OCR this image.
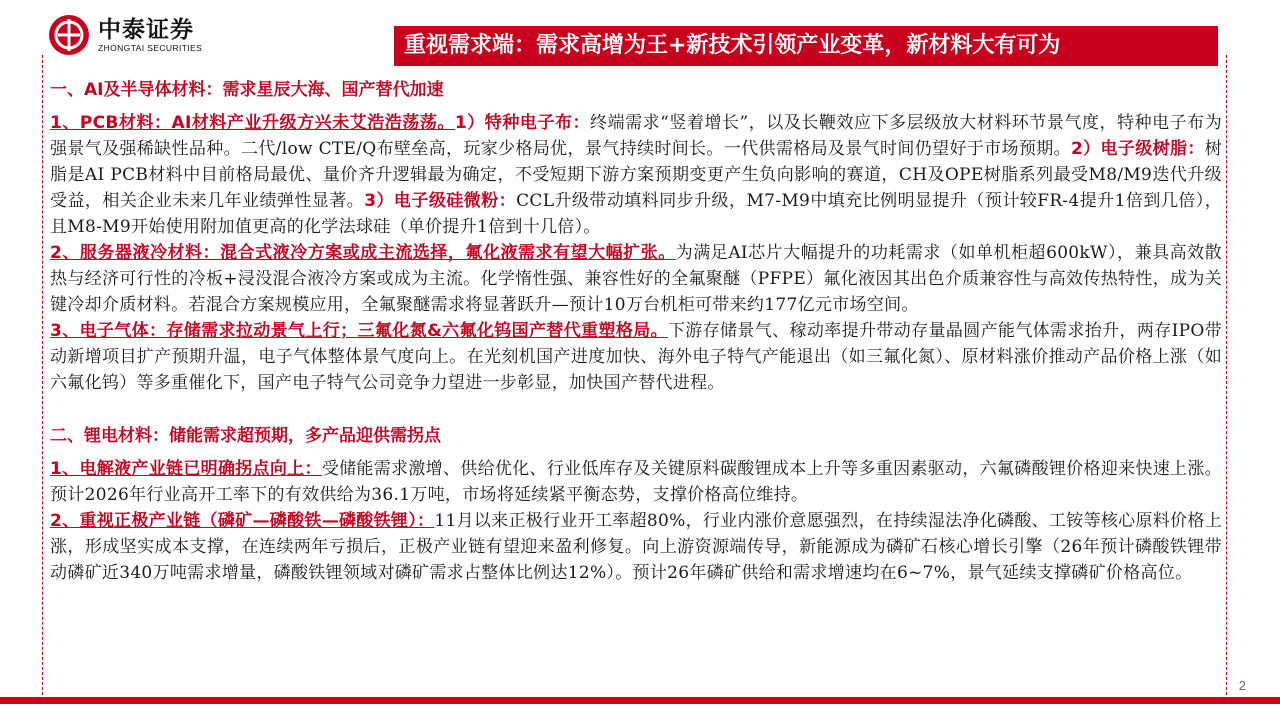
中泰证券
ZHONGTAI SECURITIES	重视需求端：需求高增为王+新技术引领产业变革，新材料大有可为
一、AI及半导体材料：需求星辰大海、国产替代加速

1、PCB材料：AI材料产业升级方兴未艾浩浩荡荡。1）特种电子布：终端需求“竖着增长”，以及长鞭效应下多层级放大材料环节景气度，特种电子布为强景气及强稀缺性品种。二代/low CTE/Q布壁垒高，玩家少格局优，景气持续时间长。一代供需格局及景气时间仍望好于市场预期。2）电子级树脂：树脂是AI PCB材料中目前格局最优、量价齐升逻辑最为确定，不受短期下游方案预期变更产生负向影响的赛道，CH及OPE树脂系列最受M8/M9迭代升级受益，相关企业未来几年业绩弹性显著。3）电子级硅微粉：CCL升级带动填料同步升级，M7-M9中填充比例明显提升（预计较FR-4提升1倍到几倍），且M8-M9开始使用附加值更高的化学法球硅（单价提升1倍到十几倍）。

2、服务器液冷材料：混合式液冷方案或成主流选择，氟化液需求有望大幅扩张。为满足AI芯片大幅提升的功耗需求（如单机柜超600kW），兼具高效散热与经济可行性的冷板+浸没混合液冷方案或成为主流。化学惰性强、兼容性好的全氟聚醚（PFPE）氟化液因其出色介质兼容性与高效传热特性，成为关键冷却介质材料。若混合方案规模应用，全氟聚醚需求将显著跃升—预计10万台机柜可带来约177亿元市场空间。

3、电子气体：存储需求拉动景气上行；三氟化氮&六氟化钨国产替代重塑格局。下游存储景气、稼动率提升带动存量晶圆产能气体需求抬升，两存IPO带动新增项目扩产预期升温，电子气体整体景气度向上。在光刻机国产进度加快、海外电子特气产能退出（如三氟化氮）、原材料涨价推动产品价格上涨（如六氟化钨）等多重催化下，国产电子特气公司竞争力望进一步彰显，加快国产替代进程。

二、锂电材料：储能需求超预期，多产品迎供需拐点

1、电解液产业链已明确拐点向上：受储能需求激增、供给优化、行业低库存及关键原料碳酸锂成本上升等多重因素驱动，六氟磷酸锂价格迎来快速上涨。预计2026年行业高开工率下的有效供给为36.1万吨，市场将延续紧平衡态势，支撑价格高位维持。

2、重视正极产业链（磷矿—磷酸铁—磷酸铁锂）：11月以来正极行业开工率超80%，行业内涨价意愿强烈，在持续湿法净化磷酸、工铵等核心原料价格上涨，形成坚实成本支撑，在连续两年亏损后，正极产业链有望迎来盈利修复。向上游资源端传导，新能源成为磷矿石核心增长引擎（26年预计磷酸铁锂带动磷矿近340万吨需求增量，磷酸铁锂领域对磷矿需求占整体比例达12%）。预计26年磷矿供给和需求增速均在6~7%，景气延续支撑磷矿价格高位。

2
